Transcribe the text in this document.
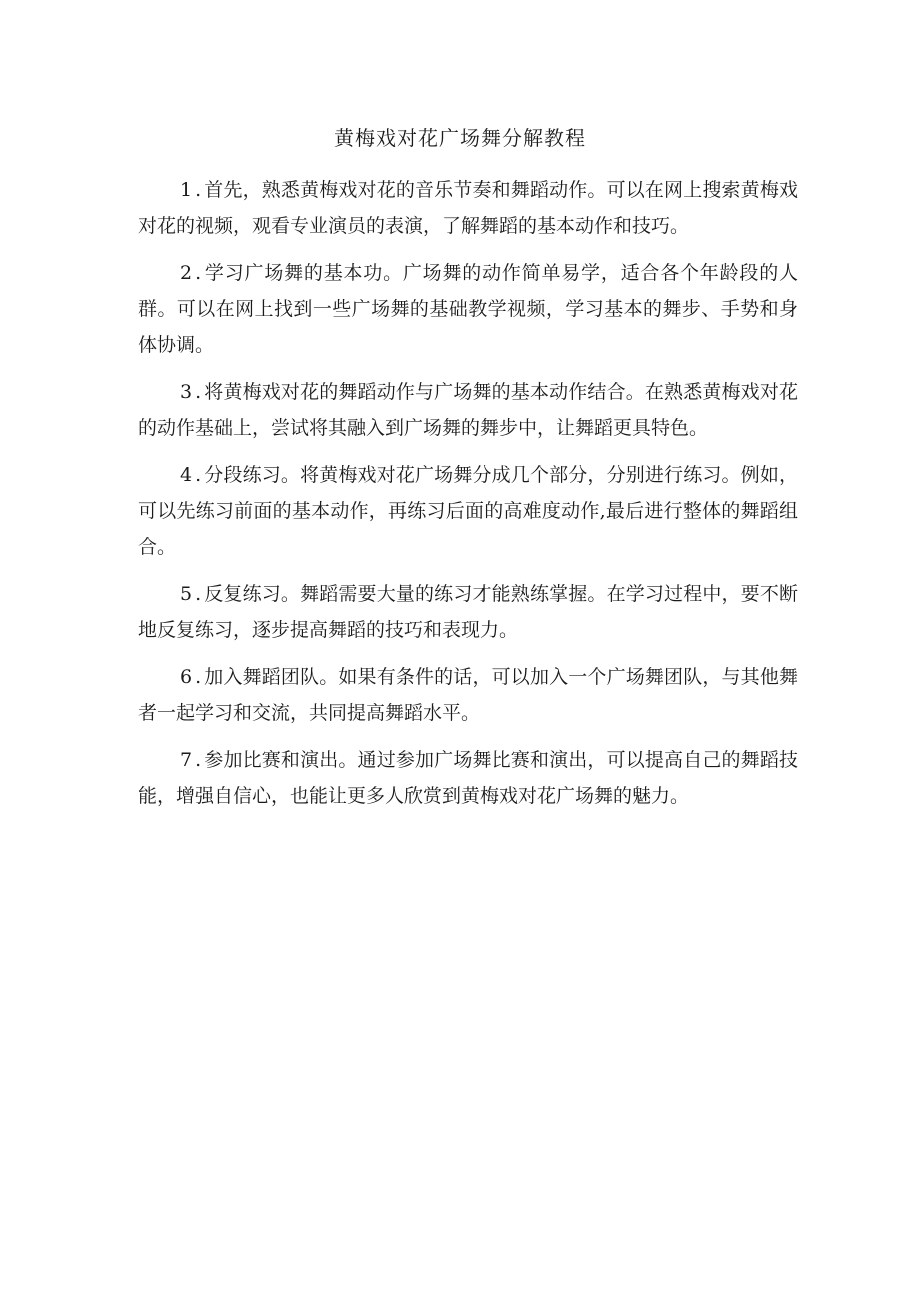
黄梅戏对花广场舞分解教程

1.首先，熟悉黄梅戏对花的音乐节奏和舞蹈动作。可以在网上搜索黄梅戏对花的视频，观看专业演员的表演，了解舞蹈的基本动作和技巧。

2.学习广场舞的基本功。广场舞的动作简单易学，适合各个年龄段的人群。可以在网上找到一些广场舞的基础教学视频，学习基本的舞步、手势和身体协调。

3.将黄梅戏对花的舞蹈动作与广场舞的基本动作结合。在熟悉黄梅戏对花的动作基础上，尝试将其融入到广场舞的舞步中，让舞蹈更具特色。

4.分段练习。将黄梅戏对花广场舞分成几个部分，分别进行练习。例如，可以先练习前面的基本动作，再练习后面的高难度动作,最后进行整体的舞蹈组合。

5.反复练习。舞蹈需要大量的练习才能熟练掌握。在学习过程中，要不断地反复练习，逐步提高舞蹈的技巧和表现力。

6.加入舞蹈团队。如果有条件的话，可以加入一个广场舞团队，与其他舞者一起学习和交流，共同提高舞蹈水平。

7.参加比赛和演出。通过参加广场舞比赛和演出，可以提高自己的舞蹈技能，增强自信心，也能让更多人欣赏到黄梅戏对花广场舞的魅力。
